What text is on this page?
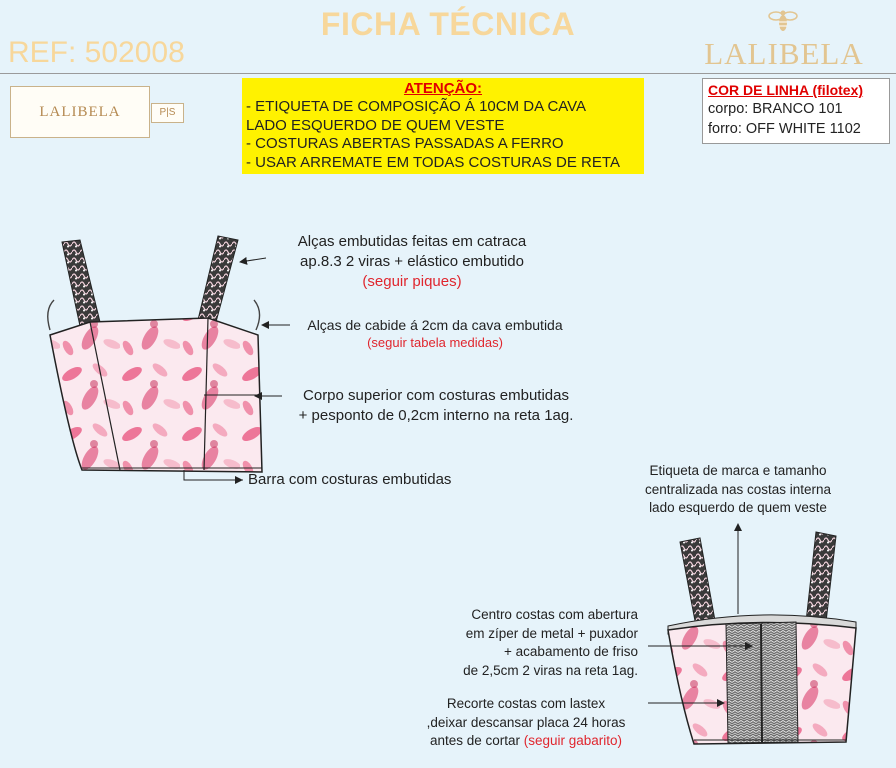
FICHA TÉCNICA
REF: 502008	LALIBELA
LALIBELA	P|S
ATENÇÃO:
- ETIQUETA DE COMPOSIÇÃO Á 10CM DA CAVA
LADO ESQUERDO DE QUEM VESTE
- COSTURAS ABERTAS PASSADAS A FERRO
- USAR ARREMATE EM TODAS COSTURAS DE RETA
COR DE LINHA (filotex)
corpo: BRANCO 101
forro: OFF WHITE 1102
Alças embutidas feitas em catraca
ap.8.3 2 viras + elástico embutido
(seguir piques)
Alças de cabide á 2cm da cava embutida
(seguir tabela medidas)
Corpo superior com costuras embutidas
+ pesponto de 0,2cm interno na reta 1ag.
Barra com costuras embutidas
Etiqueta de marca e tamanho
centralizada nas costas interna
lado esquerdo de quem veste
Centro costas com abertura
em zíper de metal + puxador
+ acabamento de friso
de 2,5cm 2 viras na reta 1ag.
Recorte costas com lastex
,deixar descansar placa 24 horas
antes de cortar (seguir gabarito)
